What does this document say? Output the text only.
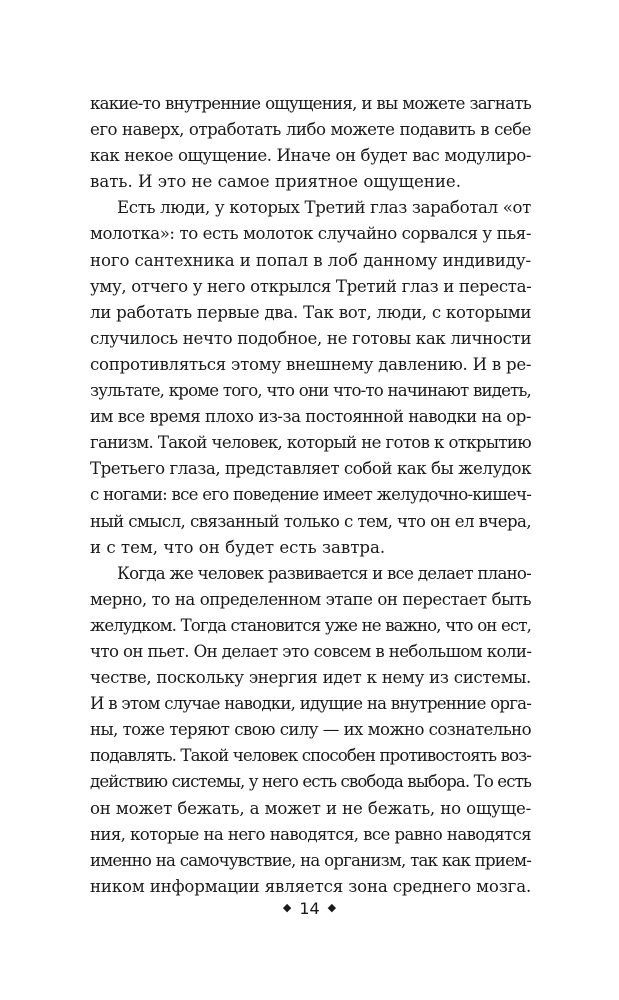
какие-то внутренние ощущения, и вы можете загнать
его наверх, отработать либо можете подавить в себе
как некое ощущение. Иначе он будет вас модулиро-
вать. И это не самое приятное ощущение.
Есть люди, у которых Третий глаз заработал «от
молотка»: то есть молоток случайно сорвался у пья-
ного сантехника и попал в лоб данному индивиду-
уму, отчего у него открылся Третий глаз и переста-
ли работать первые два. Так вот, люди, с которыми
случилось нечто подобное, не готовы как личности
сопротивляться этому внешнему давлению. И в ре-
зультате, кроме того, что они что-то начинают видеть,
им все время плохо из-за постоянной наводки на ор-
ганизм. Такой человек, который не готов к открытию
Третьего глаза, представляет собой как бы желудок
с ногами: все его поведение имеет желудочно-кишеч-
ный смысл, связанный только с тем, что он ел вчера,
и с тем, что он будет есть завтра.
Когда же человек развивается и все делает плано-
мерно, то на определенном этапе он перестает быть
желудком. Тогда становится уже не важно, что он ест,
что он пьет. Он делает это совсем в небольшом коли-
честве, поскольку энергия идет к нему из системы.
И в этом случае наводки, идущие на внутренние орга-
ны, тоже теряют свою силу — их можно сознательно
подавлять. Такой человек способен противостоять воз-
действию системы, у него есть свобода выбора. То есть
он может бежать, а может и не бежать, но ощуще-
ния, которые на него наводятся, все равно наводятся
именно на самочувствие, на организм, так как прием-
ником информации является зона среднего мозга.
◆ 14 ◆
